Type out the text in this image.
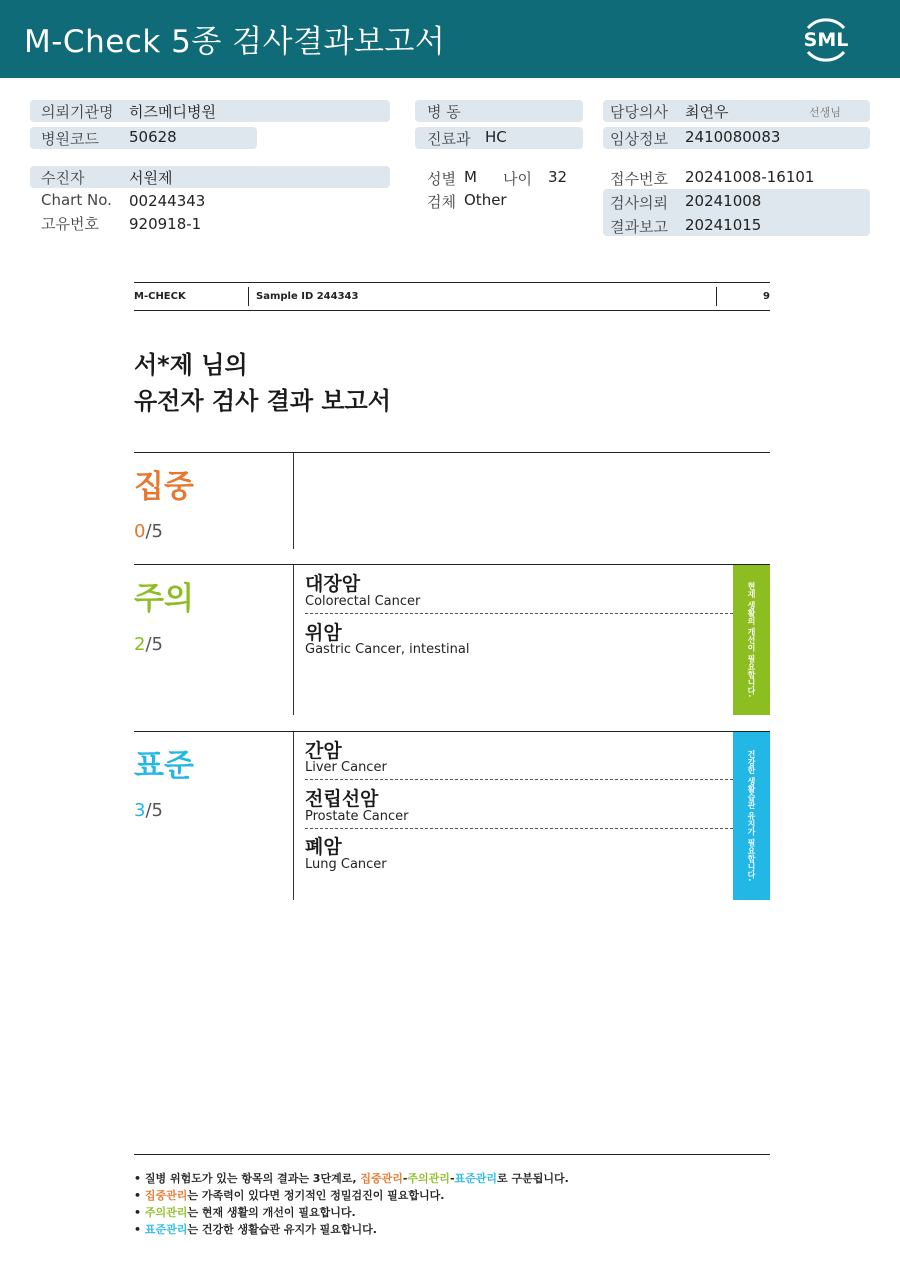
M-Check 5종 검사결과보고서	SML
의뢰기관명 히즈메디병원
병원코드 50628
수진자	서원제
Chart No. 00244343
고유번호 920918-1
병 동
진료과 HC
성별 M 나이 32
검체 Other
담당의사 최연우	선생님
임상정보 2410080083
접수번호 20241008-16101
검사의뢰 20241008
결과보고 20241015
M-CHECK	Sample ID 244343	9
서*제 님의
유전자 검사 결과 보고서
집중
0/5
주의
2/5
대장암
Colorectal Cancer
위암
Gastric Cancer, intestinal	현재 생활의 개선이 필요합니다.
표준
3/5
간암
Liver Cancer
전립선암
Prostate Cancer
폐암
Lung Cancer	건강한 생활습관 유지가 필요합니다.
• 질병 위험도가 있는 항목의 결과는 3단계로, 집중관리-주의관리-표준관리로 구분됩니다.
• 집중관리는 가족력이 있다면 정기적인 정밀검진이 필요합니다.
• 주의관리는 현재 생활의 개선이 필요합니다.
• 표준관리는 건강한 생활습관 유지가 필요합니다.
